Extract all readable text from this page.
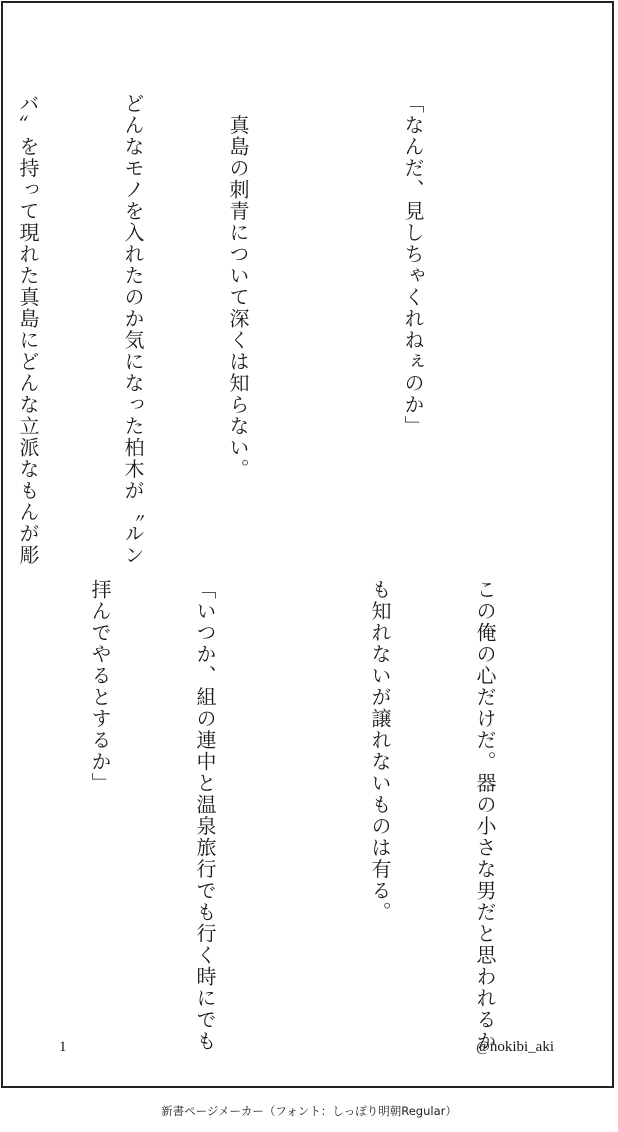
「なんだ、見しちゃくれねぇのか」

　真島の刺青について深くは知らない。

どんなモノを入れたのか気になった柏木が〝ルン

バ〟を持って現れた真島にどんな立派なもんが彫

この俺の心だけだ。器の小さな男だと思われるか

も知れないが譲れないものは有る。

「いつか、組の連中と温泉旅行でも行く時にでも

拝んでやるとするか」

1	@nokibi_aki
新書ページメーカー（フォント：しっぽり明朝Regular）
